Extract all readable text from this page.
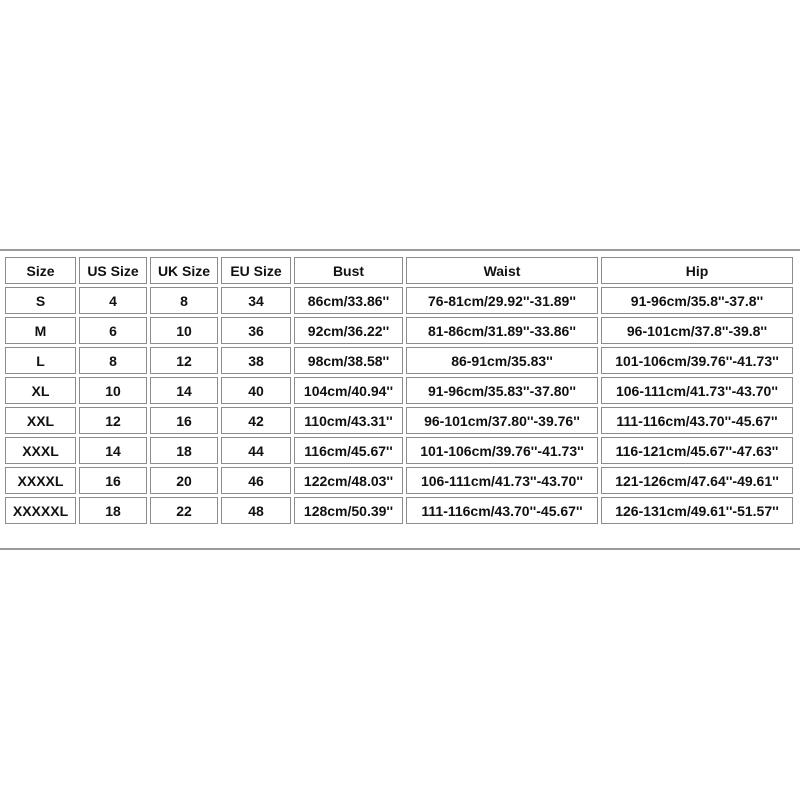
Size	US Size	UK Size	EU Size	Bust	Waist	Hip
S	4	8	34	86cm/33.86''	76-81cm/29.92''-31.89''	91-96cm/35.8''-37.8''
M	6	10	36	92cm/36.22''	81-86cm/31.89''-33.86''	96-101cm/37.8''-39.8''
L	8	12	38	98cm/38.58''	86-91cm/35.83''	101-106cm/39.76''-41.73''
XL	10	14	40	104cm/40.94''	91-96cm/35.83''-37.80''	106-111cm/41.73''-43.70''
XXL	12	16	42	110cm/43.31''	96-101cm/37.80''-39.76''	111-116cm/43.70''-45.67''
XXXL	14	18	44	116cm/45.67''	101-106cm/39.76''-41.73''	116-121cm/45.67''-47.63''
XXXXL	16	20	46	122cm/48.03''	106-111cm/41.73''-43.70''	121-126cm/47.64''-49.61''
XXXXXL	18	22	48	128cm/50.39''	111-116cm/43.70''-45.67''	126-131cm/49.61''-51.57''
